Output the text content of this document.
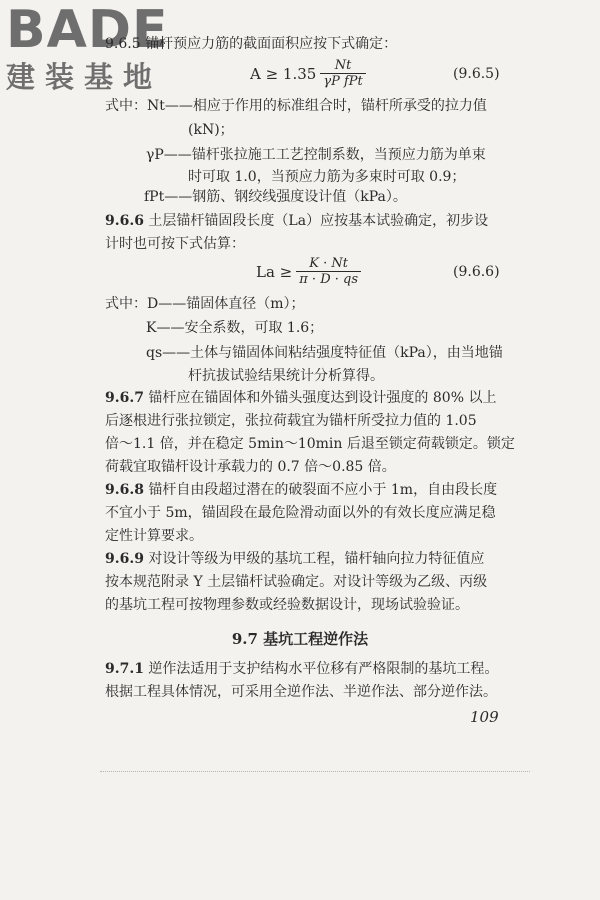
BADE
建装基地
9.6.5 锚杆预应力筋的截面面积应按下式确定：
$A \ge 1.35 \frac{Nt}{\text{γP fPt}}$	(9.6.5)
式中：Nt——相应于作用的标准组合时，锚杆所承受的拉力值
(kN)；
γP——锚杆张拉施工工艺控制系数，当预应力筋为单束
时可取 1.0，当预应力筋为多束时可取 0.9；
fPt——钢筋、钢绞线强度设计值（kPa）。
9.6.6 土层锚杆锚固段长度（La）应按基本试验确定，初步设
计时也可按下式估算：
$La \ge \frac{K \cdot Nt}{\pi \cdot D \cdot qs}$	(9.6.6)
式中：D——锚固体直径（m）；
K——安全系数，可取 1.6；
qs——土体与锚固体间粘结强度特征值（kPa），由当地锚
杆抗拔试验结果统计分析算得。
9.6.7 锚杆应在锚固体和外锚头强度达到设计强度的 80% 以上
后逐根进行张拉锁定，张拉荷载宜为锚杆所受拉力值的 1.05
倍～1.1 倍，并在稳定 5min～10min 后退至锁定荷载锁定。锁定
荷载宜取锚杆设计承载力的 0.7 倍～0.85 倍。
9.6.8 锚杆自由段超过潜在的破裂面不应小于 1m，自由段长度
不宜小于 5m，锚固段在最危险滑动面以外的有效长度应满足稳
定性计算要求。
9.6.9 对设计等级为甲级的基坑工程，锚杆轴向拉力特征值应
按本规范附录 Y 土层锚杆试验确定。对设计等级为乙级、丙级
的基坑工程可按物理参数或经验数据设计，现场试验验证。
9.7 基坑工程逆作法
9.7.1 逆作法适用于支护结构水平位移有严格限制的基坑工程。
根据工程具体情况，可采用全逆作法、半逆作法、部分逆作法。
109
